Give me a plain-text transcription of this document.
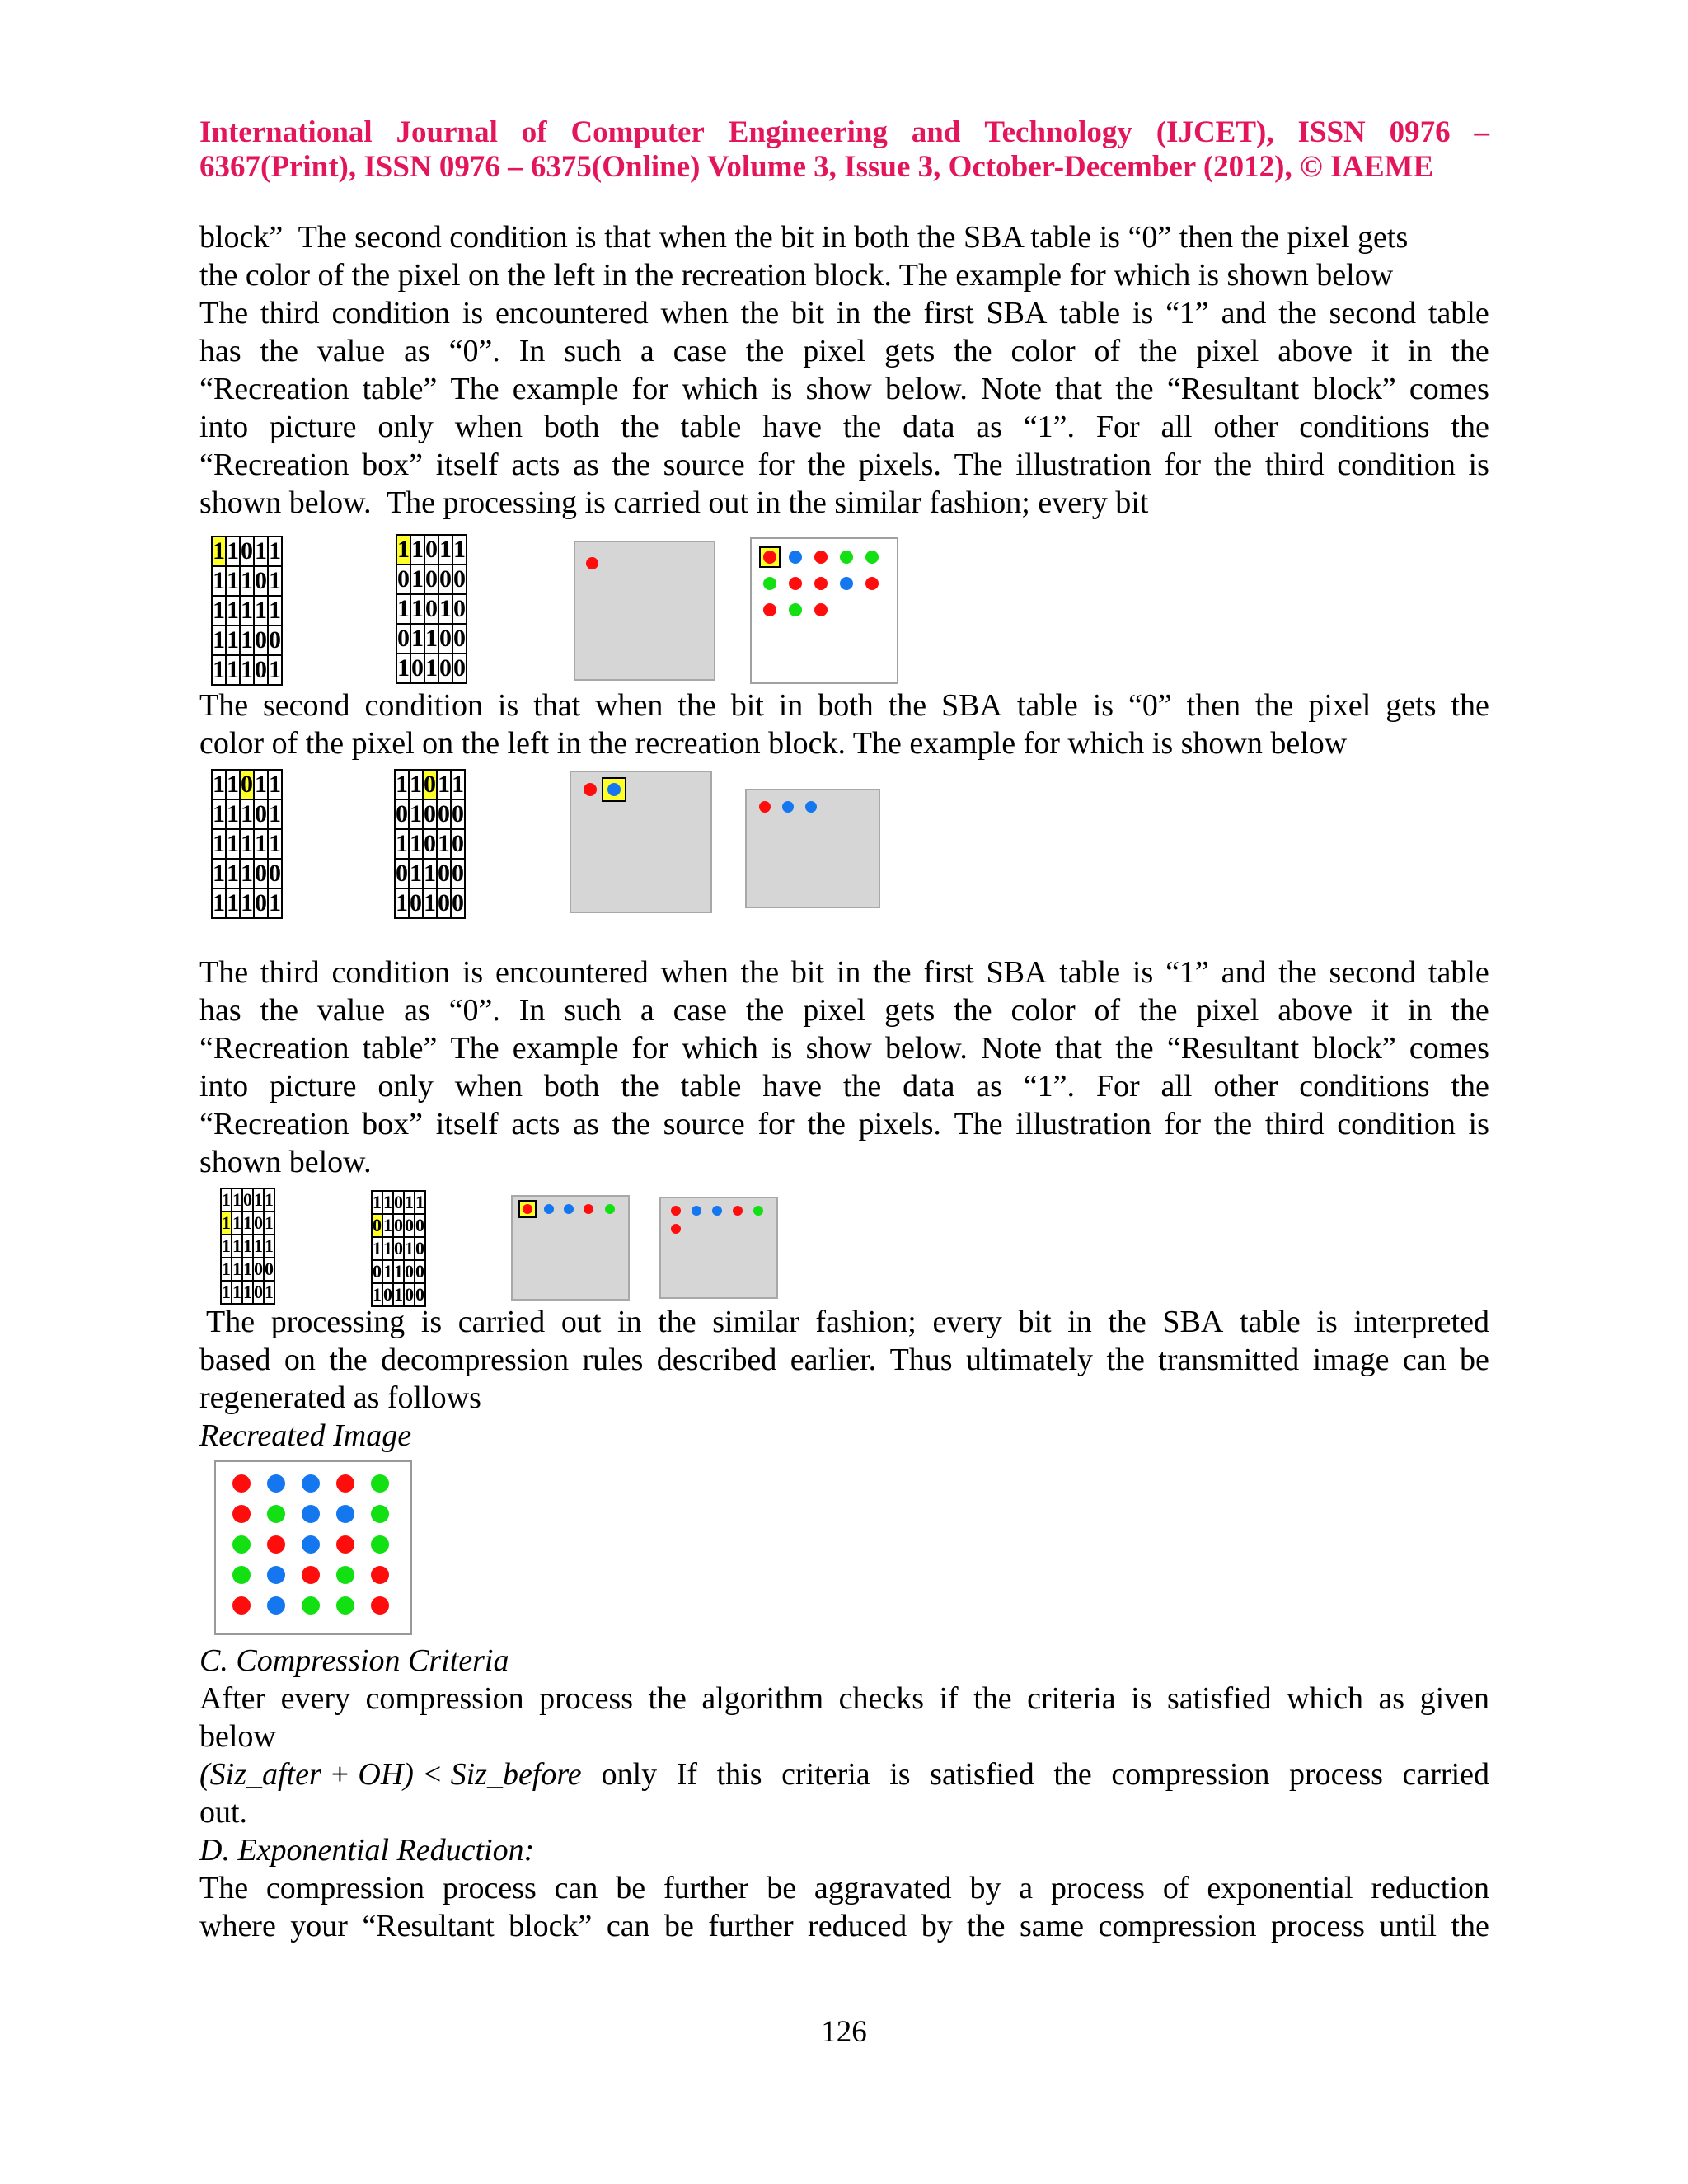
International Journal of Computer Engineering and Technology (IJCET), ISSN 0976 –
6367(Print), ISSN 0976 – 6375(Online) Volume 3, Issue 3, October-December (2012), © IAEME
block”  The second condition is that when the bit in both the SBA table is “0” then the pixel gets
the color of the pixel on the left in the recreation block. The example for which is shown below
The third condition is encountered when the bit in the first SBA table is “1” and the second table
has the value as “0”. In such a case the pixel gets the color of the pixel above it in the
“Recreation table” The example for which is show below. Note that the “Resultant block” comes
into picture only when both the table have the data as “1”. For all other conditions the
“Recreation box” itself acts as the source for the pixels. The illustration for the third condition is
shown below.  The processing is carried out in the similar fashion; every bit
1	1	0	1	1
1	1	1	0	1
1	1	1	1	1
1	1	1	0	0
1	1	1	0	1
1	1	0	1	1
0	1	0	0	0
1	1	0	1	0
0	1	1	0	0
1	0	1	0	0
The second condition is that when the bit in both the SBA table is “0” then the pixel gets the
color of the pixel on the left in the recreation block. The example for which is shown below
1	1	0	1	1
1	1	1	0	1
1	1	1	1	1
1	1	1	0	0
1	1	1	0	1
1	1	0	1	1
0	1	0	0	0
1	1	0	1	0
0	1	1	0	0
1	0	1	0	0
The third condition is encountered when the bit in the first SBA table is “1” and the second table
has the value as “0”. In such a case the pixel gets the color of the pixel above it in the
“Recreation table” The example for which is show below. Note that the “Resultant block” comes
into picture only when both the table have the data as “1”. For all other conditions the
“Recreation box” itself acts as the source for the pixels. The illustration for the third condition is
shown below.
1	1	0	1	1
1	1	1	0	1
1	1	1	1	1
1	1	1	0	0
1	1	1	0	1
1	1	0	1	1
0	1	0	0	0
1	1	0	1	0
0	1	1	0	0
1	0	1	0	0
The processing is carried out in the similar fashion; every bit in the SBA table is interpreted
based on the decompression rules described earlier. Thus ultimately the transmitted image can be
regenerated as follows
Recreated Image
C. Compression Criteria
After every compression process the algorithm checks if the criteria is satisfied which as given
below
(Siz_after + OH) < Siz_before only If this criteria is satisfied the compression process carried
out.
D. Exponential Reduction:
The compression process can be further be aggravated by a process of exponential reduction
where your “Resultant block” can be further reduced by the same compression process until the
126
